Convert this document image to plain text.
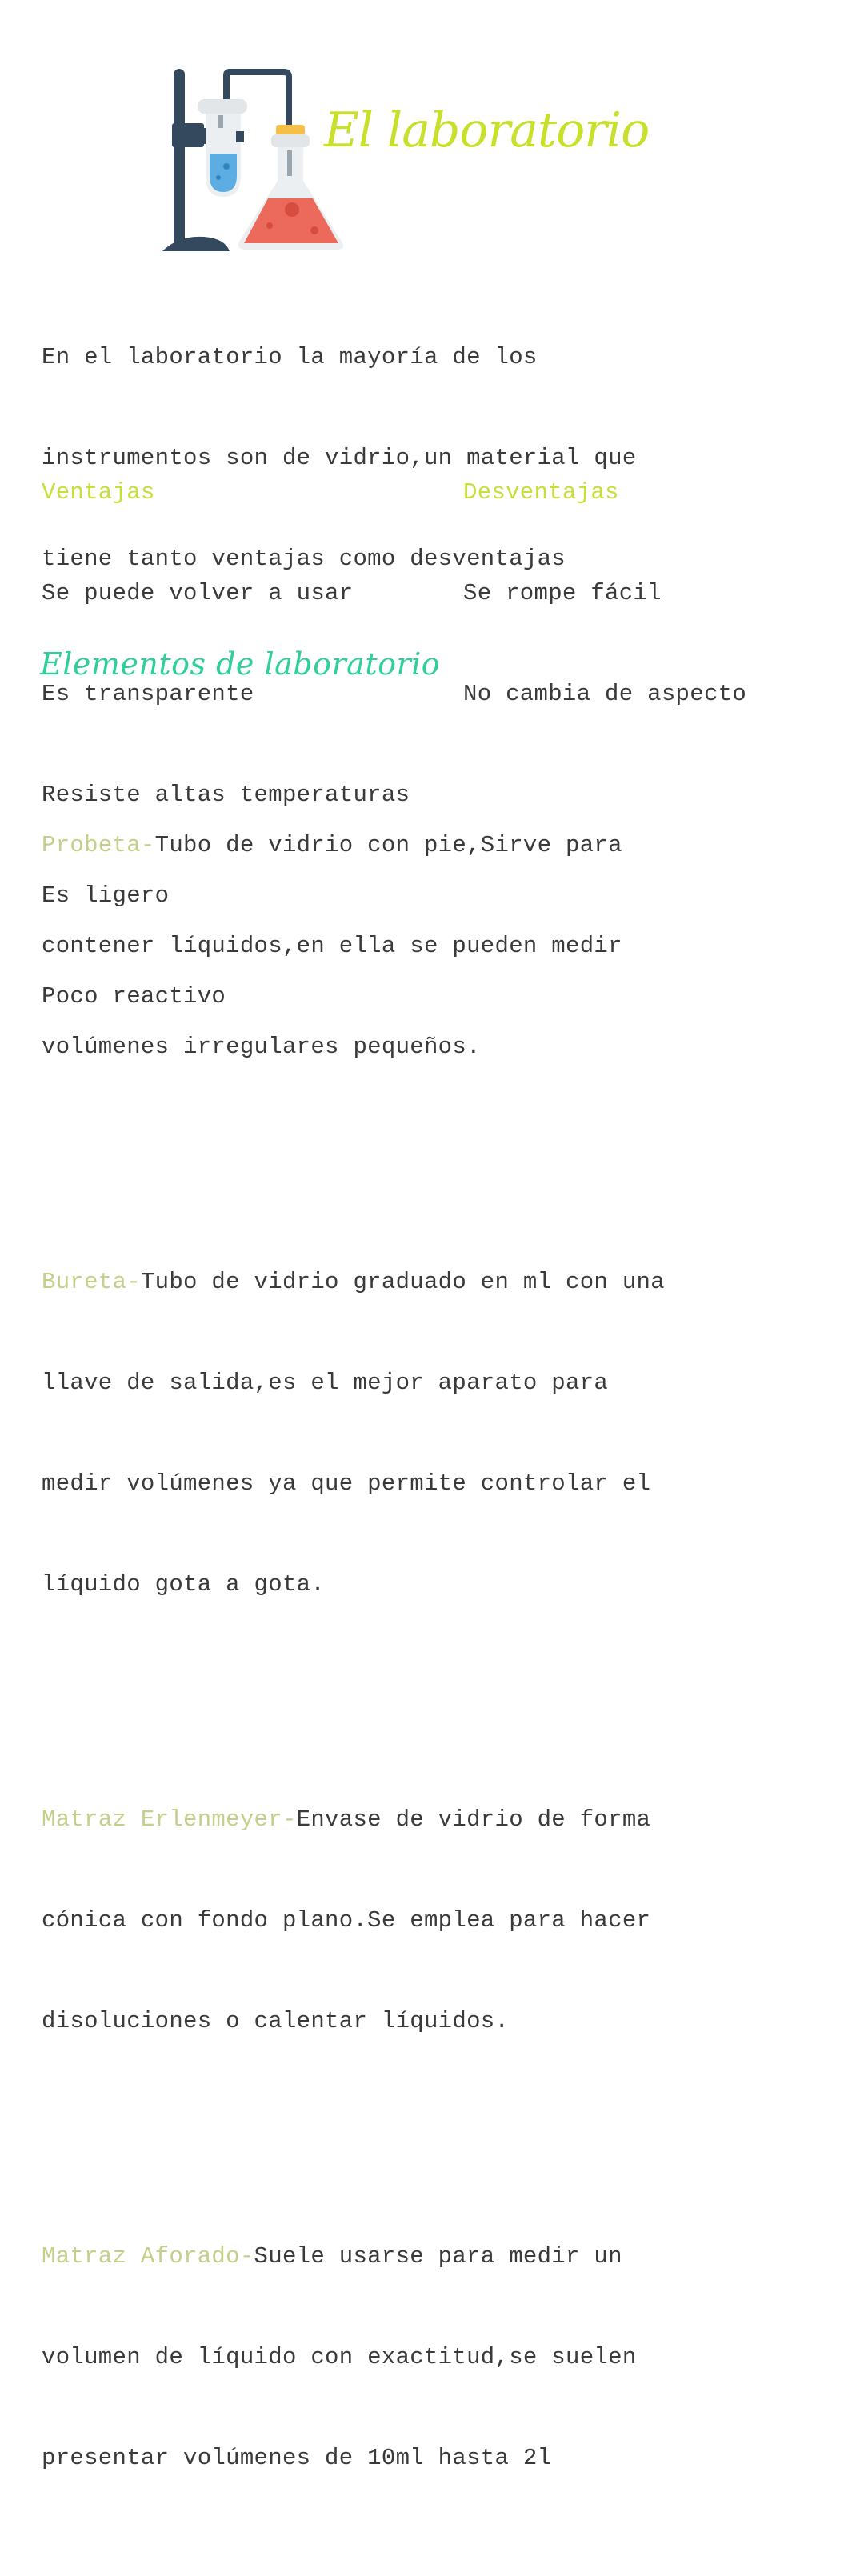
El laboratorio

En el laboratorio la mayoría de los

instrumentos son de vidrio,un material que

tiene tanto ventajas como desventajas

Ventajas

Se puede volver a usar

Es transparente

Resiste altas temperaturas

Es ligero

Poco reactivo

Desventajas

Se rompe fácil

No cambia de aspecto

Elementos de laboratorio

Probeta-Tubo de vidrio con pie,Sirve para

contener líquidos,en ella se pueden medir

volúmenes irregulares pequeños.

Bureta-Tubo de vidrio graduado en ml con una

llave de salida,es el mejor aparato para

medir volúmenes ya que permite controlar el

líquido gota a gota.

Matraz Erlenmeyer-Envase de vidrio de forma

cónica con fondo plano.Se emplea para hacer

disoluciones o calentar líquidos.

Matraz Aforado-Suele usarse para medir un

volumen de líquido con exactitud,se suelen

presentar volúmenes de 10ml hasta 2l
